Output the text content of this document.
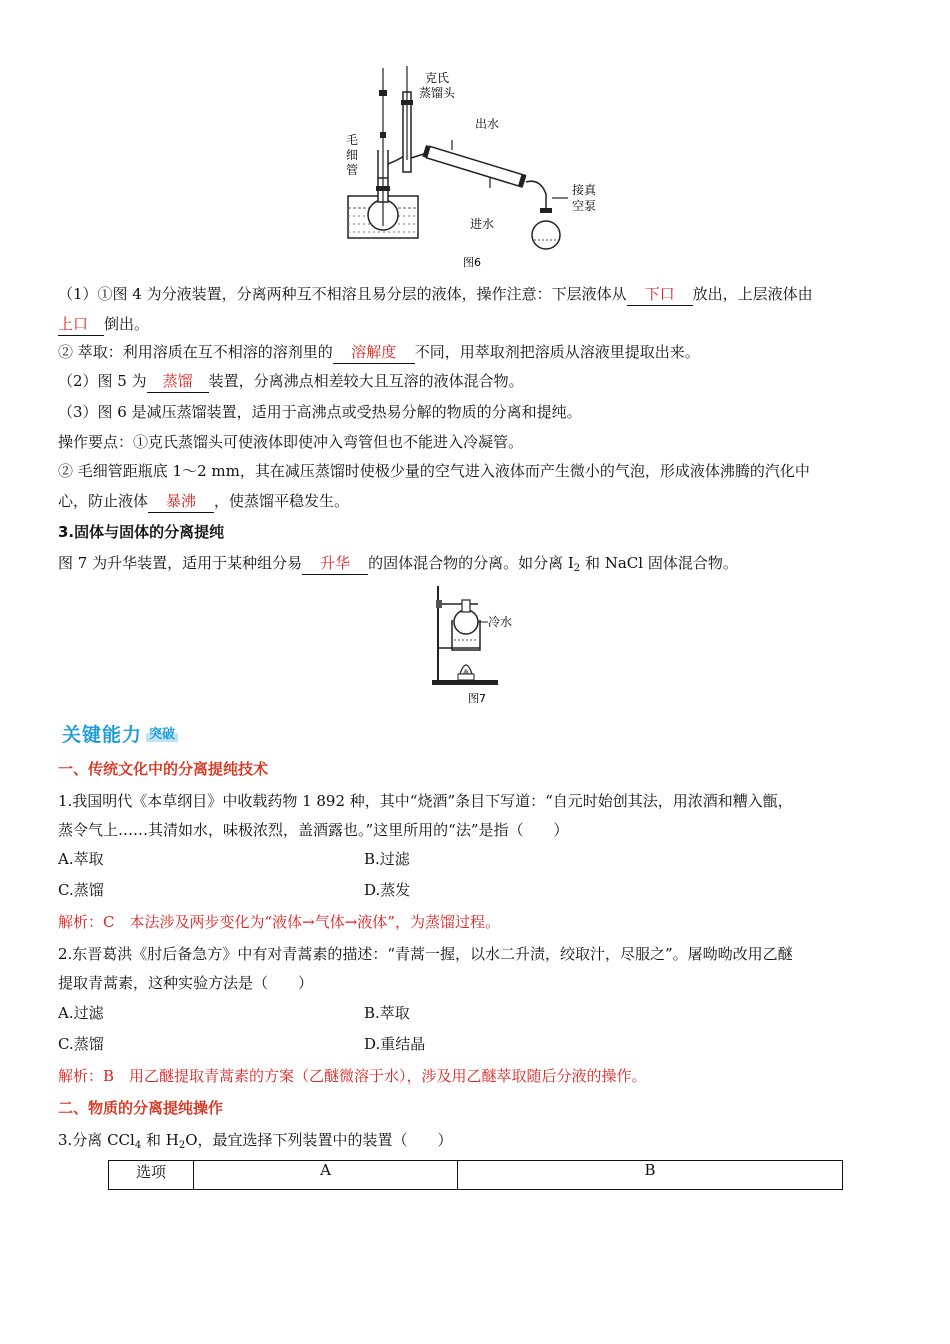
克氏
蒸馏头
出水
毛
细
管
进水
接真
空泵
图6
（1）①图 4 为分液装置，分离两种互不相溶且易分层的液体，操作注意：下层液体从 下口 放出，上层液体由
上口 倒出。
② 萃取：利用溶质在互不相溶的溶剂里的 溶解度 不同，用萃取剂把溶质从溶液里提取出来。
（2）图 5 为 蒸馏 装置，分离沸点相差较大且互溶的液体混合物。
（3）图 6 是减压蒸馏装置，适用于高沸点或受热易分解的物质的分离和提纯。
操作要点：①克氏蒸馏头可使液体即使冲入弯管但也不能进入冷凝管。
② 毛细管距瓶底 1～2 mm，其在减压蒸馏时使极少量的空气进入液体而产生微小的气泡，形成液体沸腾的汽化中
心，防止液体 暴沸 ，使蒸馏平稳发生。
3.固体与固体的分离提纯
图 7 为升华装置，适用于某种组分易 升华 的固体混合物的分离。如分离 $I_2$ 和 NaCl 固体混合物。
冷水
图7
关键能力 突破
一、传统文化中的分离提纯技术
1.我国明代《本草纲目》中收载药物 1 892 种，其中“烧酒”条目下写道：“自元时始创其法，用浓酒和糟入甑，
蒸令气上……其清如水，味极浓烈，盖酒露也。”这里所用的“法”是指（　　）
A.萃取	B.过滤
C.蒸馏	D.蒸发
解析：C　本法涉及两步变化为“液体→气体→液体”，为蒸馏过程。
2.东晋葛洪《肘后备急方》中有对青蒿素的描述：“青蒿一握，以水二升渍，绞取汁，尽服之”。屠呦呦改用乙醚
提取青蒿素，这种实验方法是（　　）
A.过滤	B.萃取
C.蒸馏	D.重结晶
解析：B　用乙醚提取青蒿素的方案（乙醚微溶于水），涉及用乙醚萃取随后分液的操作。
二、物质的分离提纯操作
3.分离 CCl$_4$ 和 $H_2O$，最宜选择下列装置中的装置（　　）
选项	A	B
